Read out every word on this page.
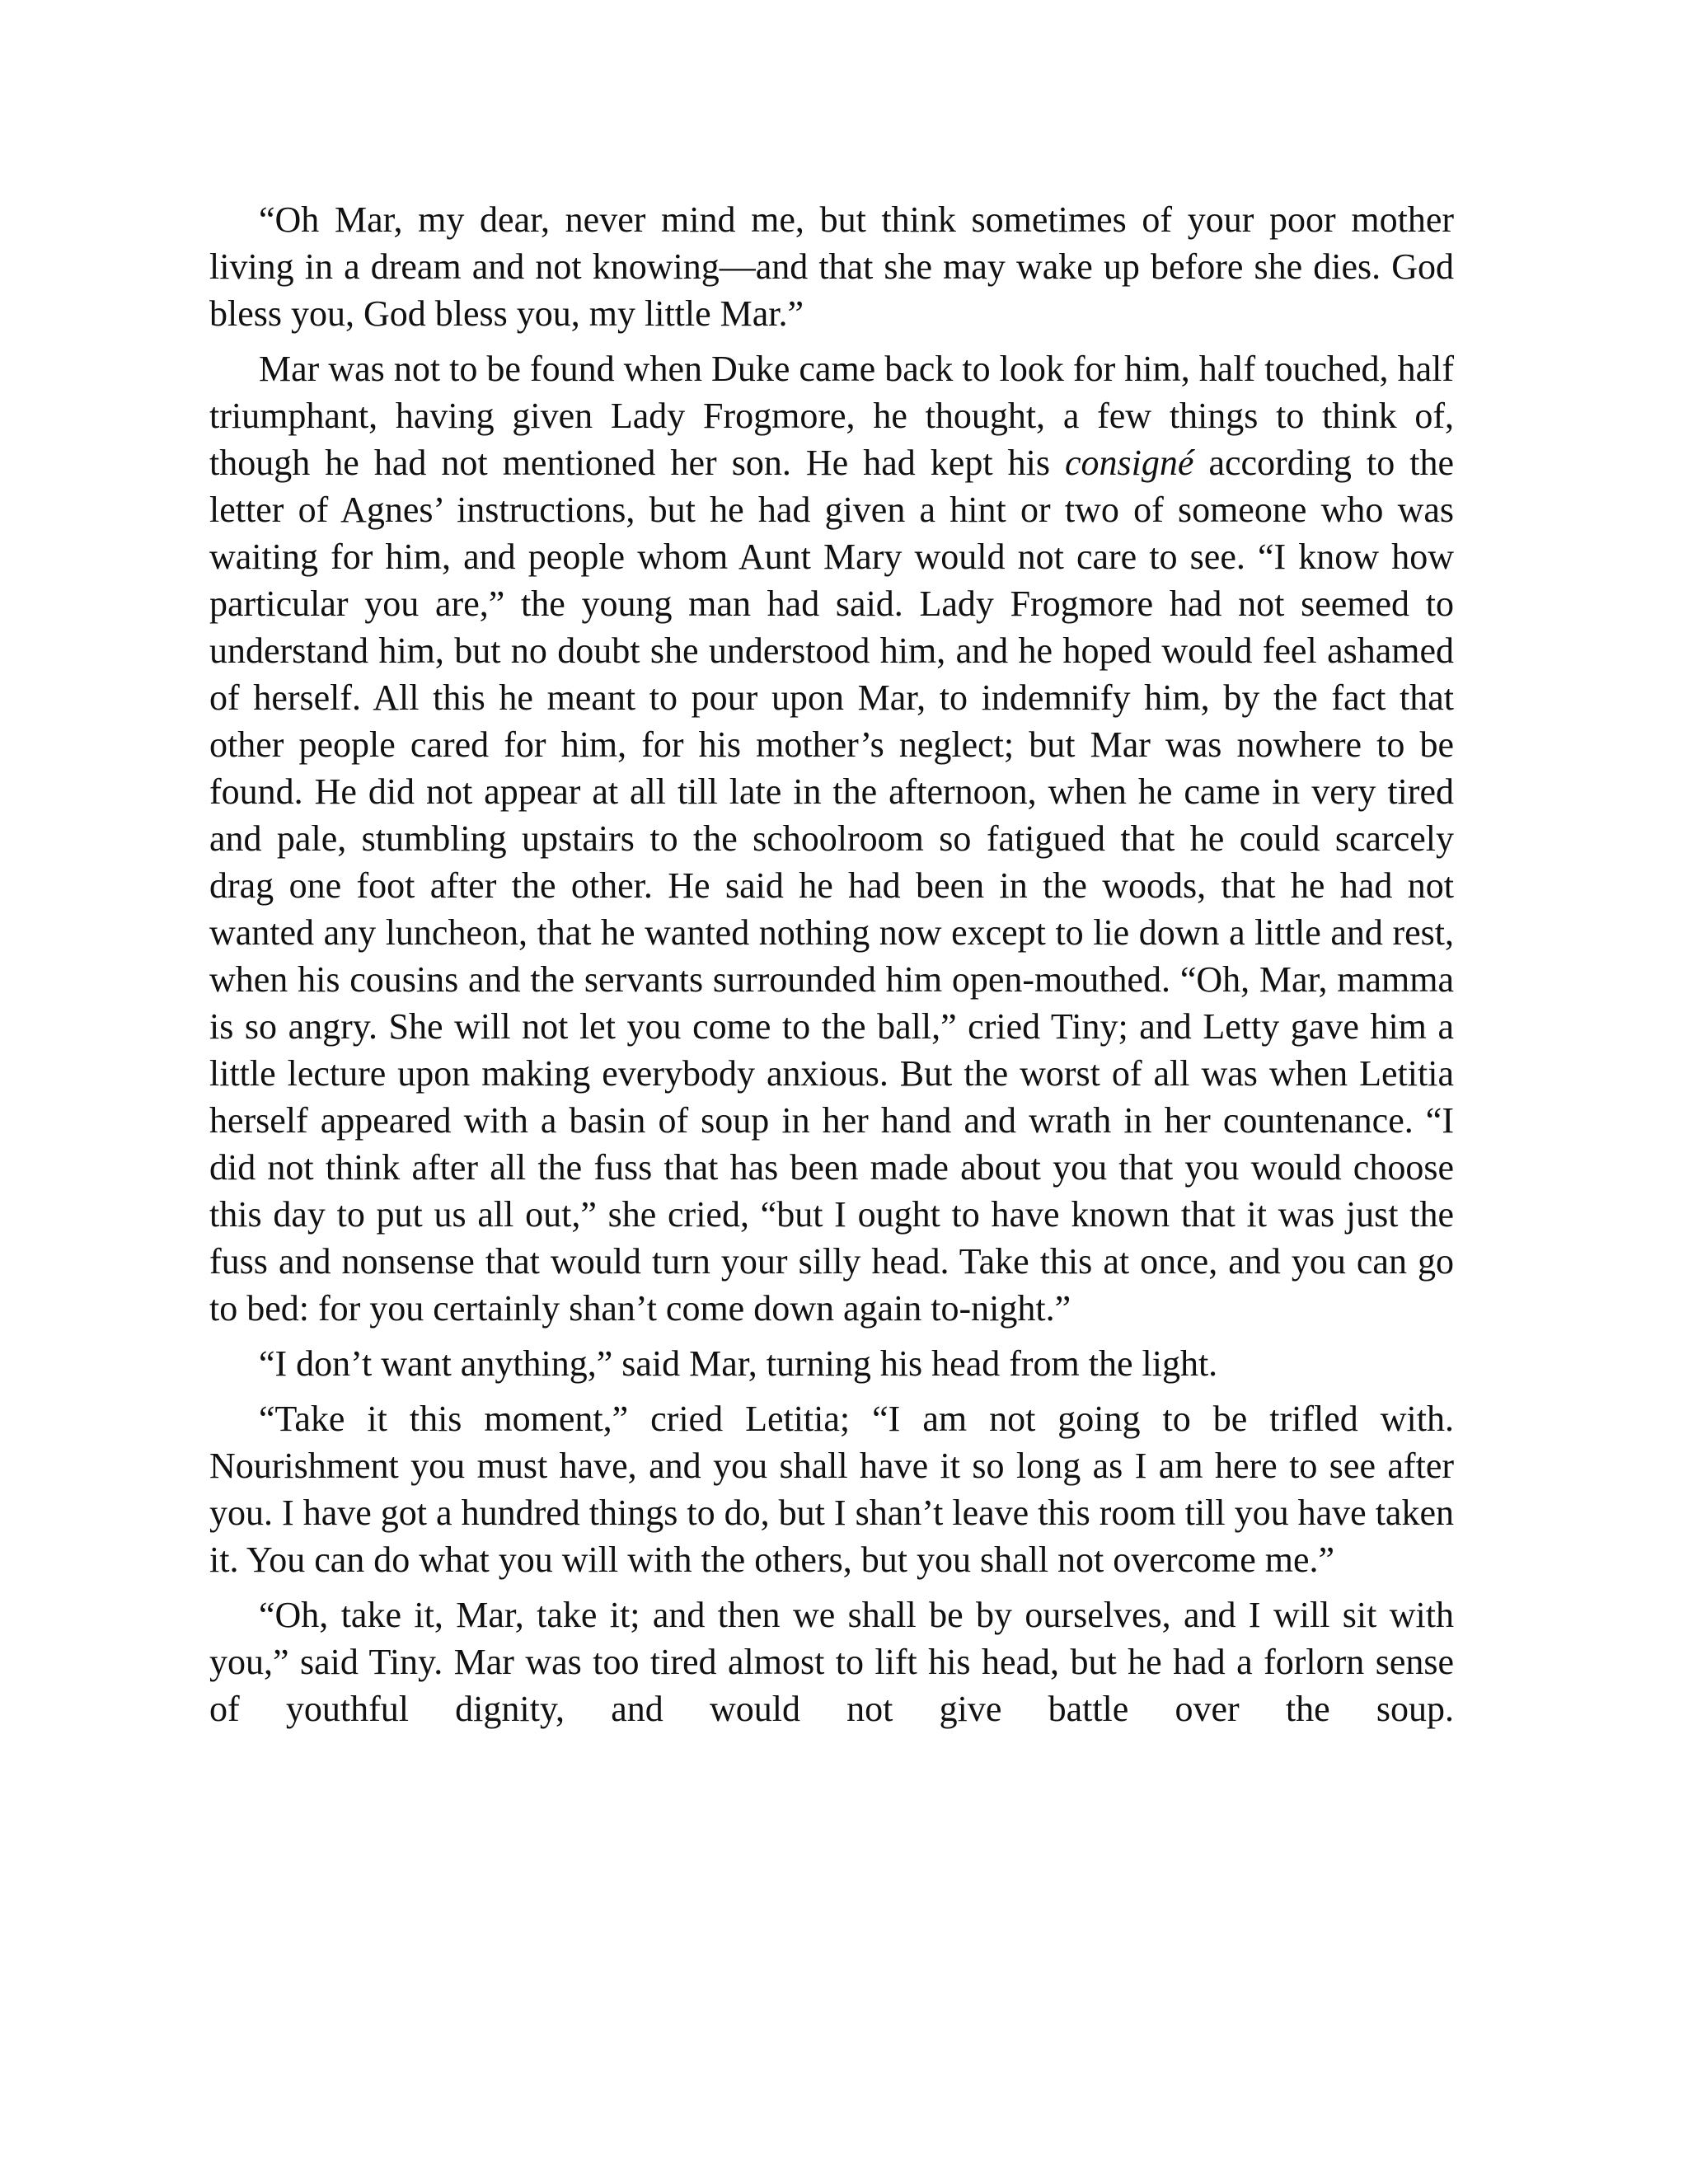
“Oh Mar, my dear, never mind me, but think sometimes of your poor mother living in a dream and not knowing—and that she may wake up before she dies. God bless you, God bless you, my little Mar.”

Mar was not to be found when Duke came back to look for him, half touched, half triumphant, having given Lady Frogmore, he thought, a few things to think of, though he had not mentioned her son. He had kept his consigné according to the letter of Agnes’ instructions, but he had given a hint or two of someone who was waiting for him, and people whom Aunt Mary would not care to see. “I know how particular you are,” the young man had said. Lady Frogmore had not seemed to understand him, but no doubt she understood him, and he hoped would feel ashamed of herself. All this he meant to pour upon Mar, to indemnify him, by the fact that other people cared for him, for his mother’s neglect; but Mar was nowhere to be found. He did not appear at all till late in the afternoon, when he came in very tired and pale, stumbling upstairs to the schoolroom so fatigued that he could scarcely drag one foot after the other. He said he had been in the woods, that he had not wanted any luncheon, that he wanted nothing now except to lie down a little and rest, when his cousins and the servants surrounded him open-mouthed. “Oh, Mar, mamma is so angry. She will not let you come to the ball,” cried Tiny; and Letty gave him a little lecture upon making everybody anxious. But the worst of all was when Letitia herself appeared with a basin of soup in her hand and wrath in her countenance. “I did not think after all the fuss that has been made about you that you would choose this day to put us all out,” she cried, “but I ought to have known that it was just the fuss and nonsense that would turn your silly head. Take this at once, and you can go to bed: for you certainly shan’t come down again to-night.”

“I don’t want anything,” said Mar, turning his head from the light.

“Take it this moment,” cried Letitia; “I am not going to be trifled with. Nourishment you must have, and you shall have it so long as I am here to see after you. I have got a hundred things to do, but I shan’t leave this room till you have taken it. You can do what you will with the others, but you shall not overcome me.”

“Oh, take it, Mar, take it; and then we shall be by ourselves, and I will sit with you,” said Tiny. Mar was too tired almost to lift his head, but he had a forlorn sense of youthful dignity, and would not give battle over the soup.
